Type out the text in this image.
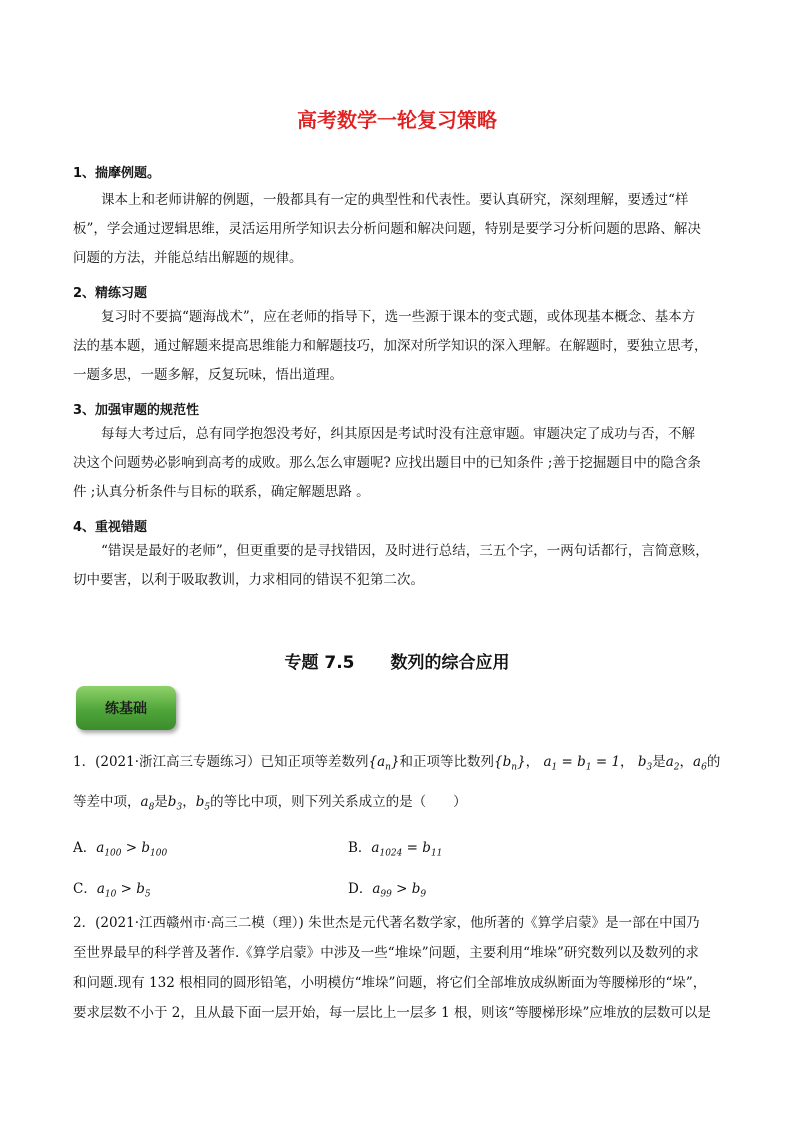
高考数学一轮复习策略
1、揣摩例题。
课本上和老师讲解的例题，一般都具有一定的典型性和代表性。要认真研究，深刻理解，要透过“样
板”，学会通过逻辑思维，灵活运用所学知识去分析问题和解决问题，特别是要学习分析问题的思路、解决
问题的方法，并能总结出解题的规律。
2、精练习题
复习时不要搞“题海战术”，应在老师的指导下，选一些源于课本的变式题，或体现基本概念、基本方
法的基本题，通过解题来提高思维能力和解题技巧，加深对所学知识的深入理解。在解题时，要独立思考，
一题多思，一题多解，反复玩味，悟出道理。
3、加强审题的规范性
每每大考过后，总有同学抱怨没考好，纠其原因是考试时没有注意审题。审题决定了成功与否，不解
决这个问题势必影响到高考的成败。那么怎么审题呢? 应找出题目中的已知条件 ;善于挖掘题目中的隐含条
件 ;认真分析条件与目标的联系，确定解题思路 。
4、重视错题
“错误是最好的老师”，但更重要的是寻找错因，及时进行总结，三五个字，一两句话都行，言简意赅，
切中要害，以利于吸取教训，力求相同的错误不犯第二次。
专题 7.5 数列的综合应用
练基础
1．(2021·浙江高三专题练习）已知正项等差数列$\{a_n\}$和正项等比数列$\{b_n\}$， $a_1 = b_1 = 1$， $b_3$是$a_2$，$a_6$的
等差中项，$a_8$是$b_3$，$b_5$的等比中项，则下列关系成立的是（　　）
A．$a_{100} > b_{100}$	B．$a_{1024} = b_{11}$
C．$a_{10} > b_5$	D．$a_{99} > b_9$
2．(2021·江西赣州市·高三二模（理）) 朱世杰是元代著名数学家，他所著的《算学启蒙》是一部在中国乃
至世界最早的科学普及著作.《算学启蒙》中涉及一些“堆垛”问题，主要利用“堆垛”研究数列以及数列的求
和问题.现有 132 根相同的圆形铅笔，小明模仿“堆垛”问题，将它们全部堆放成纵断面为等腰梯形的“垛”，
要求层数不小于 2，且从最下面一层开始，每一层比上一层多 1 根，则该“等腰梯形垛”应堆放的层数可以是
